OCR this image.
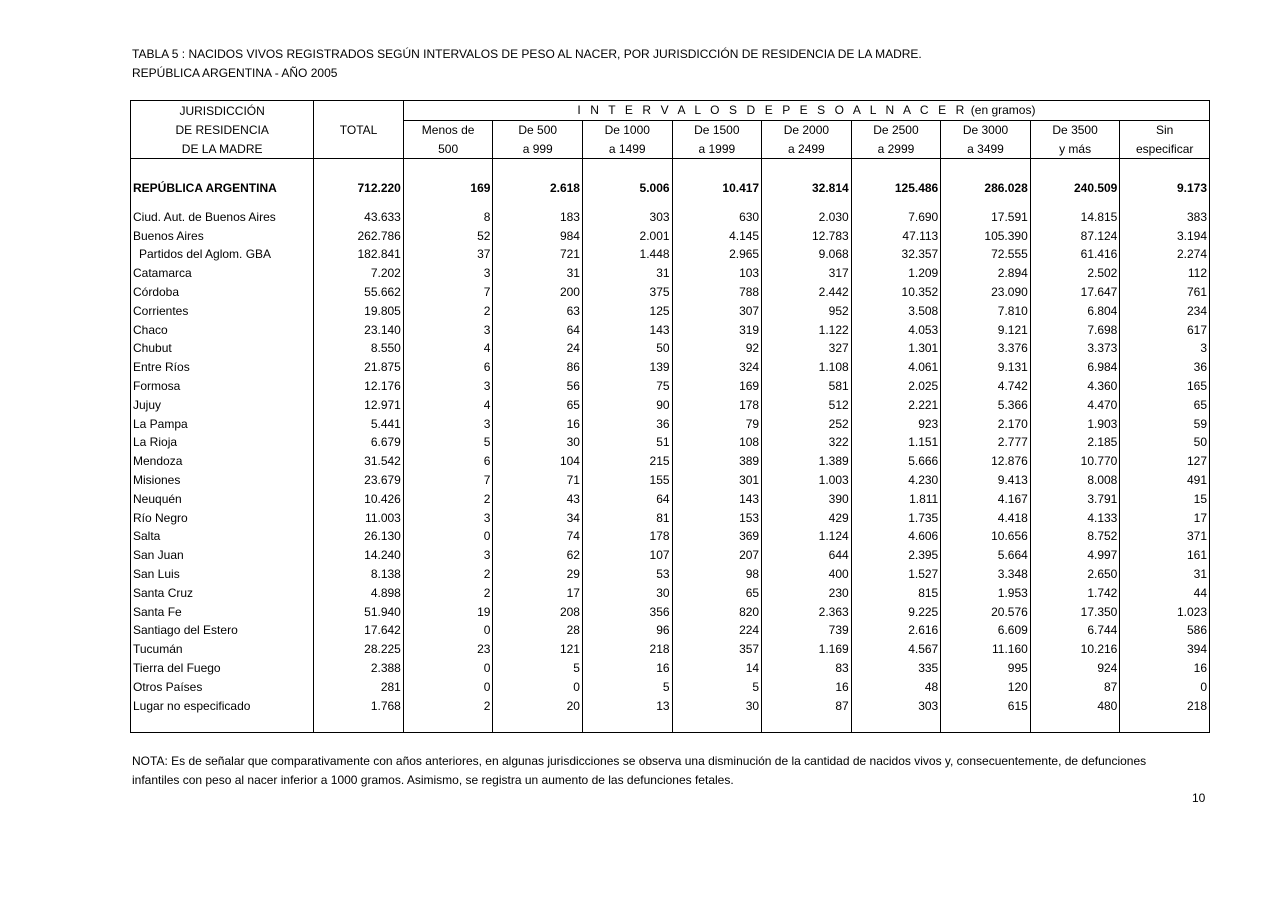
TABLA 5 : NACIDOS VIVOS REGISTRADOS SEGÚN INTERVALOS DE PESO AL NACER, POR JURISDICCIÓN DE RESIDENCIA DE LA MADRE.
REPÚBLICA ARGENTINA - AÑO 2005
JURISDICCIÓN		I N T E R V A L O S D E P E S O A L N A C E R (en gramos)								
DE RESIDENCIA	TOTAL	Menos de	De 500	De 1000	De 1500	De 2000	De 2500	De 3000	De 3500	Sin
DE LA MADRE		500	a 999	a 1499	a 1999	a 2499	a 2999	a 3499	y más	especificar

REPÚBLICA ARGENTINA	712.220	169	2.618	5.006	10.417	32.814	125.486	286.028	240.509	9.173

Ciud. Aut. de Buenos Aires	43.633	8	183	303	630	2.030	7.690	17.591	14.815	383
Buenos Aires	262.786	52	984	2.001	4.145	12.783	47.113	105.390	87.124	3.194
Partidos del Aglom. GBA	182.841	37	721	1.448	2.965	9.068	32.357	72.555	61.416	2.274
Catamarca	7.202	3	31	31	103	317	1.209	2.894	2.502	112
Córdoba	55.662	7	200	375	788	2.442	10.352	23.090	17.647	761
Corrientes	19.805	2	63	125	307	952	3.508	7.810	6.804	234
Chaco	23.140	3	64	143	319	1.122	4.053	9.121	7.698	617
Chubut	8.550	4	24	50	92	327	1.301	3.376	3.373	3
Entre Ríos	21.875	6	86	139	324	1.108	4.061	9.131	6.984	36
Formosa	12.176	3	56	75	169	581	2.025	4.742	4.360	165
Jujuy	12.971	4	65	90	178	512	2.221	5.366	4.470	65
La Pampa	5.441	3	16	36	79	252	923	2.170	1.903	59
La Rioja	6.679	5	30	51	108	322	1.151	2.777	2.185	50
Mendoza	31.542	6	104	215	389	1.389	5.666	12.876	10.770	127
Misiones	23.679	7	71	155	301	1.003	4.230	9.413	8.008	491
Neuquén	10.426	2	43	64	143	390	1.811	4.167	3.791	15
Río Negro	11.003	3	34	81	153	429	1.735	4.418	4.133	17
Salta	26.130	0	74	178	369	1.124	4.606	10.656	8.752	371
San Juan	14.240	3	62	107	207	644	2.395	5.664	4.997	161
San Luis	8.138	2	29	53	98	400	1.527	3.348	2.650	31
Santa Cruz	4.898	2	17	30	65	230	815	1.953	1.742	44
Santa Fe	51.940	19	208	356	820	2.363	9.225	20.576	17.350	1.023
Santiago del Estero	17.642	0	28	96	224	739	2.616	6.609	6.744	586
Tucumán	28.225	23	121	218	357	1.169	4.567	11.160	10.216	394
Tierra del Fuego	2.388	0	5	16	14	83	335	995	924	16
Otros Países	281	0	0	5	5	16	48	120	87	0
Lugar no especificado	1.768	2	20	13	30	87	303	615	480	218

NOTA: Es de señalar que comparativamente con años anteriores, en algunas jurisdicciones se observa una disminución de la cantidad de nacidos vivos y, consecuentemente, de defunciones infantiles con peso al nacer inferior a 1000 gramos. Asimismo, se registra un aumento de las defunciones fetales.
10
